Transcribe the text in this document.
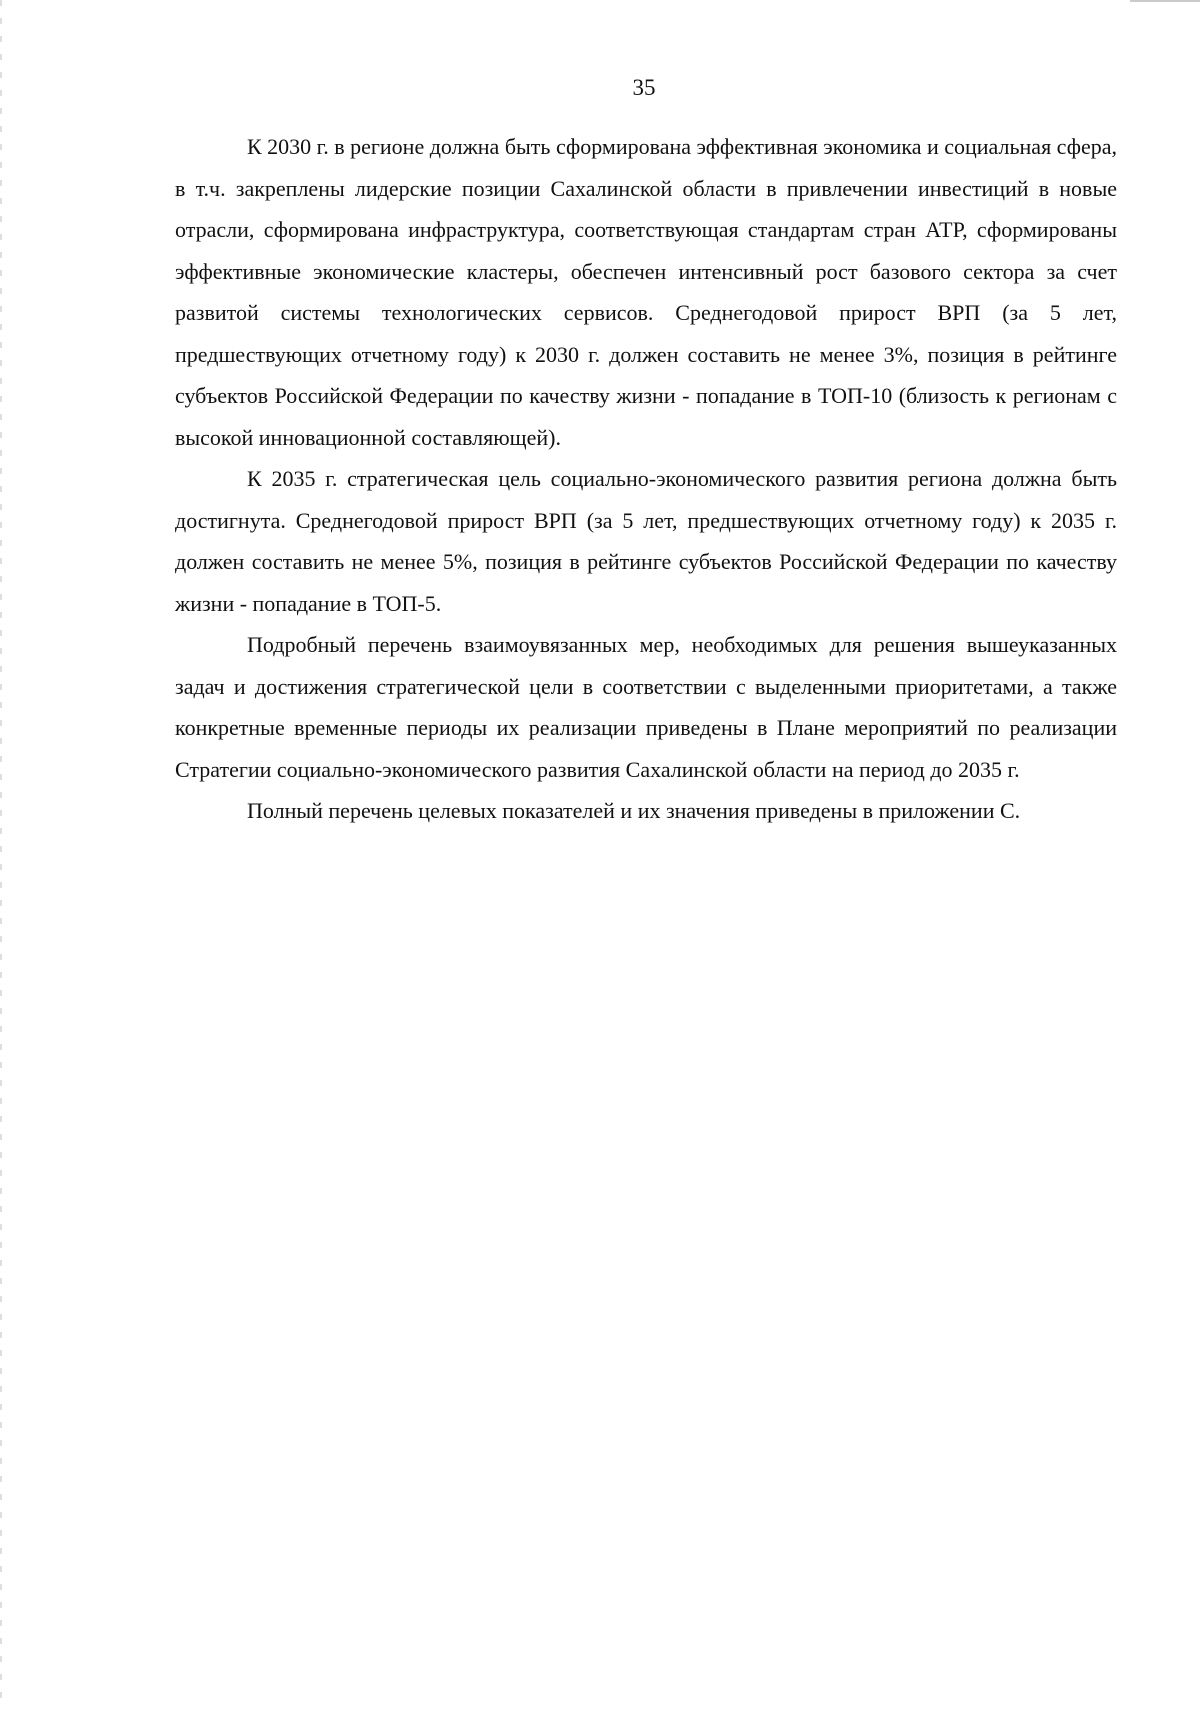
35

К 2030 г. в регионе должна быть сформирована эффективная экономика и социальная сфера, в т.ч. закреплены лидерские позиции Сахалинской области в привлечении инвестиций в новые отрасли, сформирована инфраструктура, соответствующая стандартам стран АТР, сформированы эффективные экономические кластеры, обеспечен интенсивный рост базового сектора за счет развитой системы технологических сервисов. Среднегодовой прирост ВРП (за 5 лет, предшествующих отчетному году) к 2030 г. должен составить не менее 3%, позиция в рейтинге субъектов Российской Федерации по качеству жизни - попадание в ТОП-10 (близость к регионам с высокой инновационной составляющей).

К 2035 г. стратегическая цель социально-экономического развития региона должна быть достигнута. Среднегодовой прирост ВРП (за 5 лет, предшествующих отчетному году) к 2035 г. должен составить не менее 5%, позиция в рейтинге субъектов Российской Федерации по качеству жизни - попадание в ТОП-5.

Подробный перечень взаимоувязанных мер, необходимых для решения вышеуказанных задач и достижения стратегической цели в соответствии с выделенными приоритетами, а также конкретные временные периоды их реализации приведены в Плане мероприятий по реализации Стратегии социально-экономического развития Сахалинской области на период до 2035 г.

Полный перечень целевых показателей и их значения приведены в приложении С.
